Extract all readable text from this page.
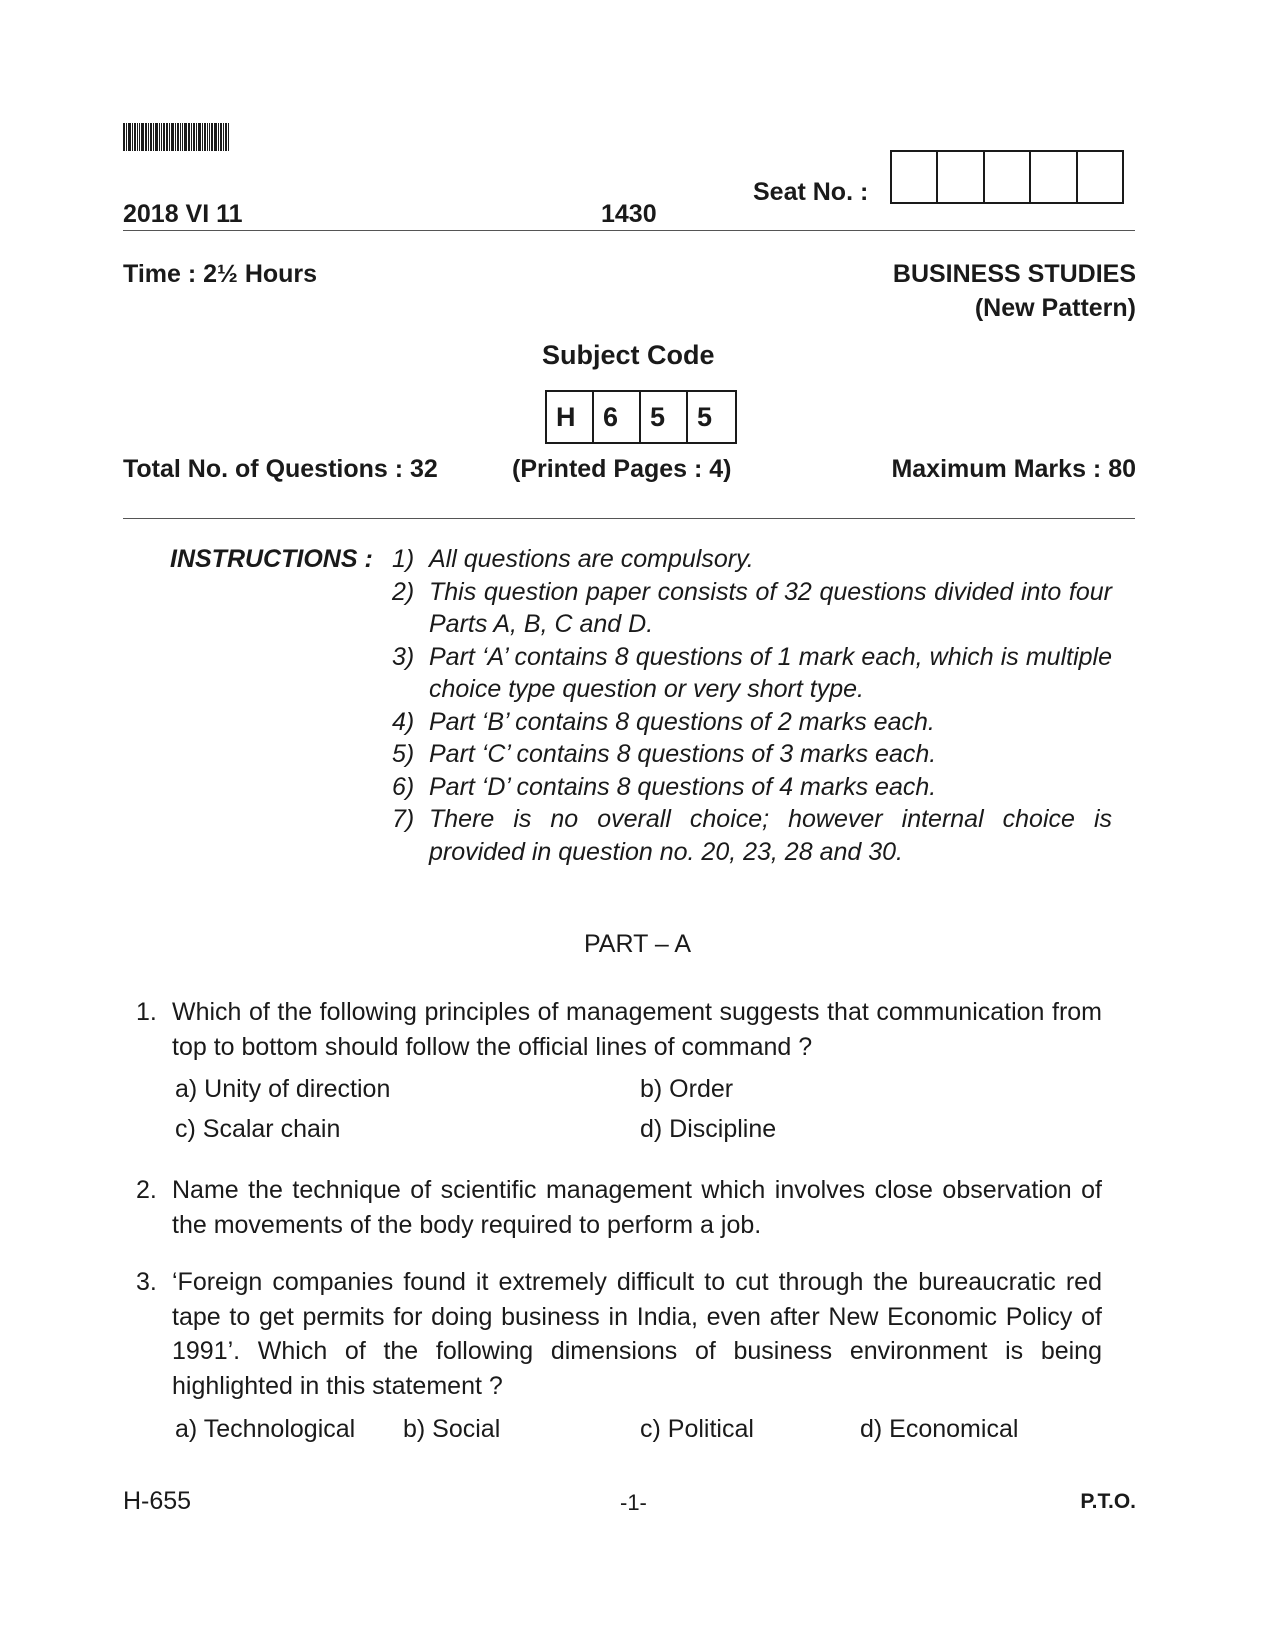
2018 VI 11	1430
Seat No. :
Time : 2½ Hours	BUSINESS STUDIES
(New Pattern)
Subject Code
H	6	5	5
Total No. of Questions : 32	(Printed Pages : 4)	Maximum Marks : 80
INSTRUCTIONS : 1) All questions are compulsory.
2) This question paper consists of 32 questions divided into four Parts A, B, C and D.
3) Part ‘A’ contains 8 questions of 1 mark each, which is multiple choice type question or very short type.
4) Part ‘B’ contains 8 questions of 2 marks each.
5) Part ‘C’ contains 8 questions of 3 marks each.
6) Part ‘D’ contains 8 questions of 4 marks each.
7) There is no overall choice; however internal choice is provided in question no. 20, 23, 28 and 30.
PART – A
1. Which of the following principles of management suggests that communication from top to bottom should follow the official lines of command ?
a) Unity of direction	b) Order
c) Scalar chain	d) Discipline
2. Name the technique of scientific management which involves close observation of the movements of the body required to perform a job.
3. ‘Foreign companies found it extremely difficult to cut through the bureaucratic red tape to get permits for doing business in India, even after New Economic Policy of 1991’. Which of the following dimensions of business environment is being highlighted in this statement ?
a) Technological b) Social	c) Political	d) Economical
H-655	-1-	P.T.O.
